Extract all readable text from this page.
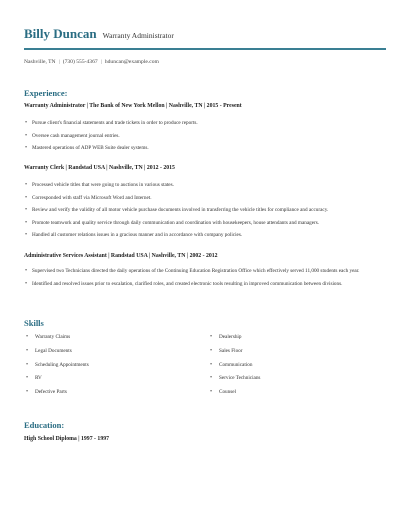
Billy Duncan Warranty Administrator
Nashville, TN | (730) 555-4367 | hduncan@example.com
Experience:
Warranty Administrator | The Bank of New York Mellon | Nashville, TN | 2015 - Present
• Pursue client's financial statements and trade tickets in order to produce reports.
• Oversee cash management journal entries.
• Mastered operations of ADP WEB Suite dealer systems.
Warranty Clerk | Randstad USA | Nashville, TN | 2012 - 2015
• Processed vehicle titles that were going to auctions in various states.
• Corresponded with staff via Microsoft Word and Internet.
• Review and verify the validity of all motor vehicle purchase documents involved in transferring the vehicle titles for compliance and accuracy.
• Promote teamwork and quality service through daily communication and coordination with housekeepers, house attendants and managers.
• Handled all customer relations issues in a gracious manner and in accordance with company policies.
Administrative Services Assistant | Randstad USA | Nashville, TN | 2002 - 2012
• Supervised two Technicians directed the daily operations of the Continuing Education Registration Office which effectively served 11,000 students each year.
• Identified and resolved issues prior to escalation, clarified roles, and created electronic tools resulting in improved communication between divisions.
Skills
• Warranty Claims	• Dealership
• Legal Documents	• Sales Floor
• Scheduling Appointments	• Communication
• RV	• Service Technicians
• Defective Parts	• Counsel
Education:
High School Diploma | 1997 - 1997
